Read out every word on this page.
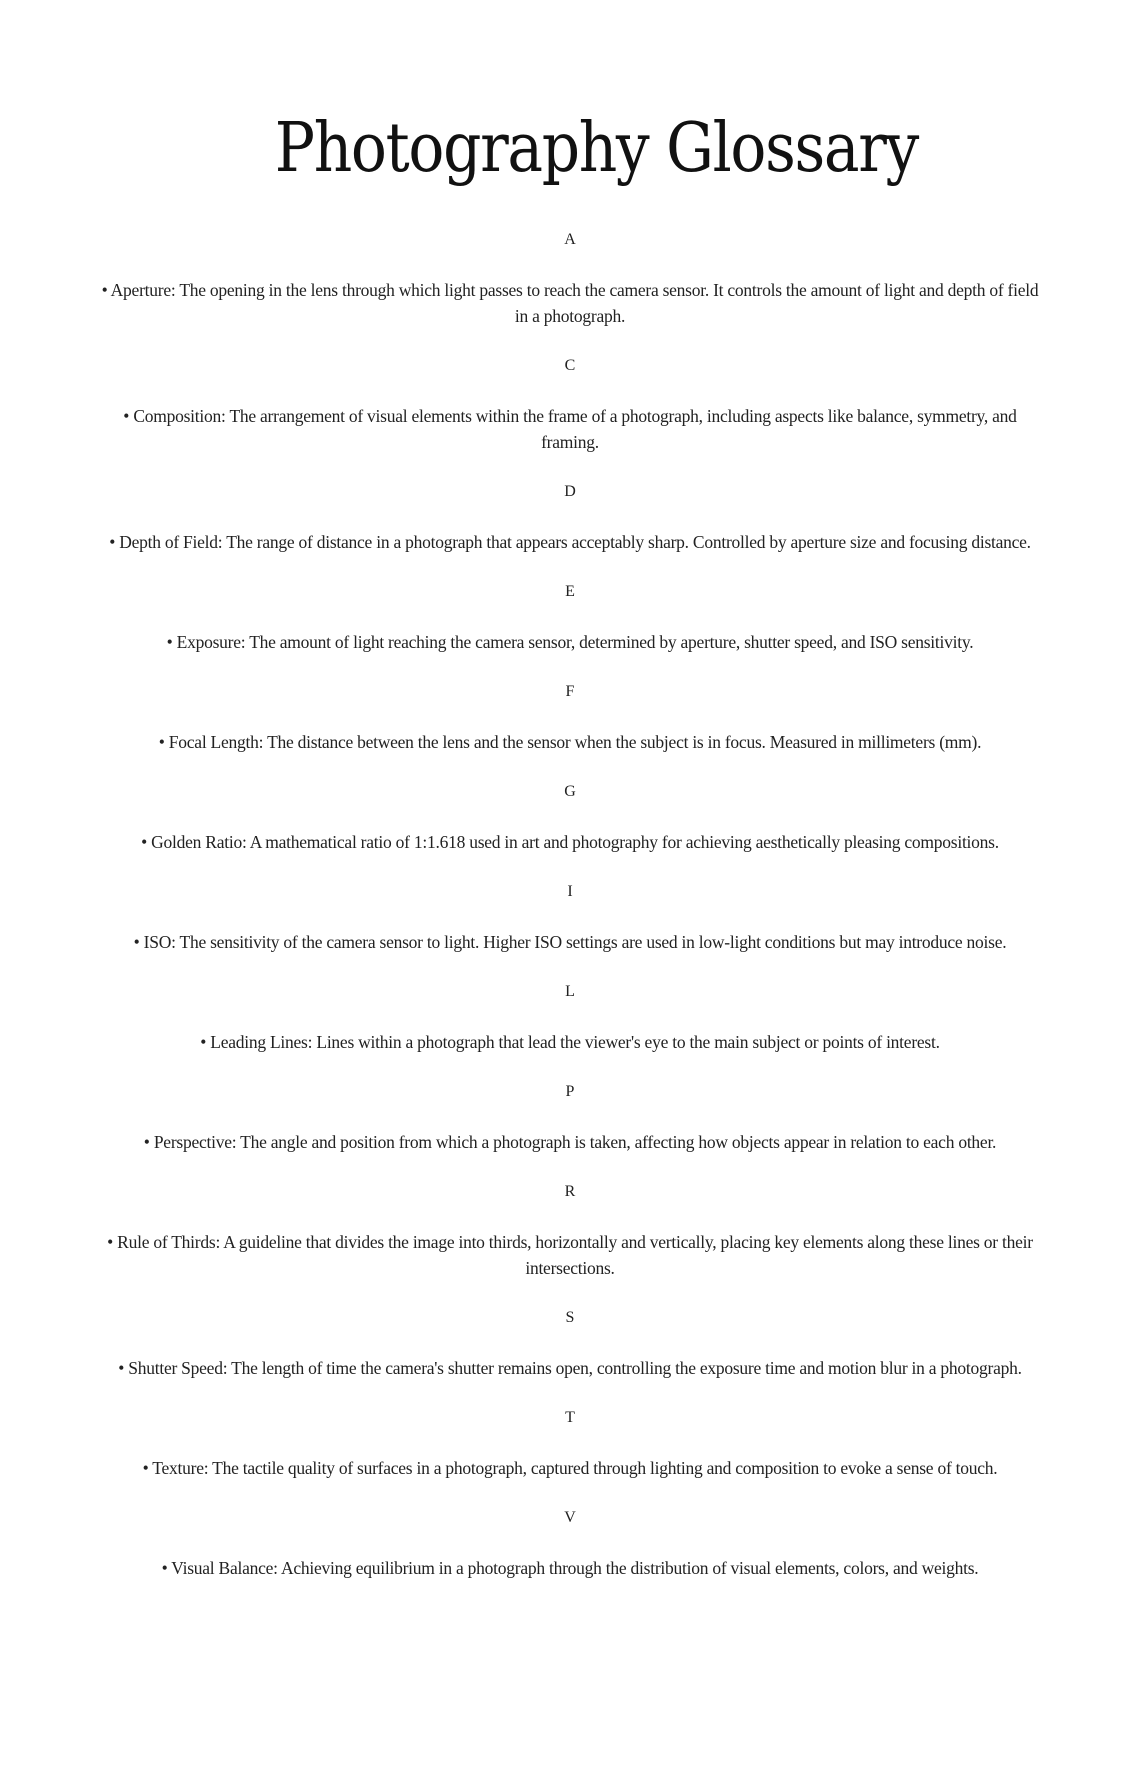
Photography Glossary
A
• Aperture: The opening in the lens through which light passes to reach the camera sensor. It controls the amount of light and depth of field in a photograph.
C
• Composition: The arrangement of visual elements within the frame of a photograph, including aspects like balance, symmetry, and framing.
D
• Depth of Field: The range of distance in a photograph that appears acceptably sharp. Controlled by aperture size and focusing distance.
E
• Exposure: The amount of light reaching the camera sensor, determined by aperture, shutter speed, and ISO sensitivity.
F
• Focal Length: The distance between the lens and the sensor when the subject is in focus. Measured in millimeters (mm).
G
• Golden Ratio: A mathematical ratio of 1:1.618 used in art and photography for achieving aesthetically pleasing compositions.
I
• ISO: The sensitivity of the camera sensor to light. Higher ISO settings are used in low-light conditions but may introduce noise.
L
• Leading Lines: Lines within a photograph that lead the viewer's eye to the main subject or points of interest.
P
• Perspective: The angle and position from which a photograph is taken, affecting how objects appear in relation to each other.
R
• Rule of Thirds: A guideline that divides the image into thirds, horizontally and vertically, placing key elements along these lines or their intersections.
S
• Shutter Speed: The length of time the camera's shutter remains open, controlling the exposure time and motion blur in a photograph.
T
• Texture: The tactile quality of surfaces in a photograph, captured through lighting and composition to evoke a sense of touch.
V
• Visual Balance: Achieving equilibrium in a photograph through the distribution of visual elements, colors, and weights.
